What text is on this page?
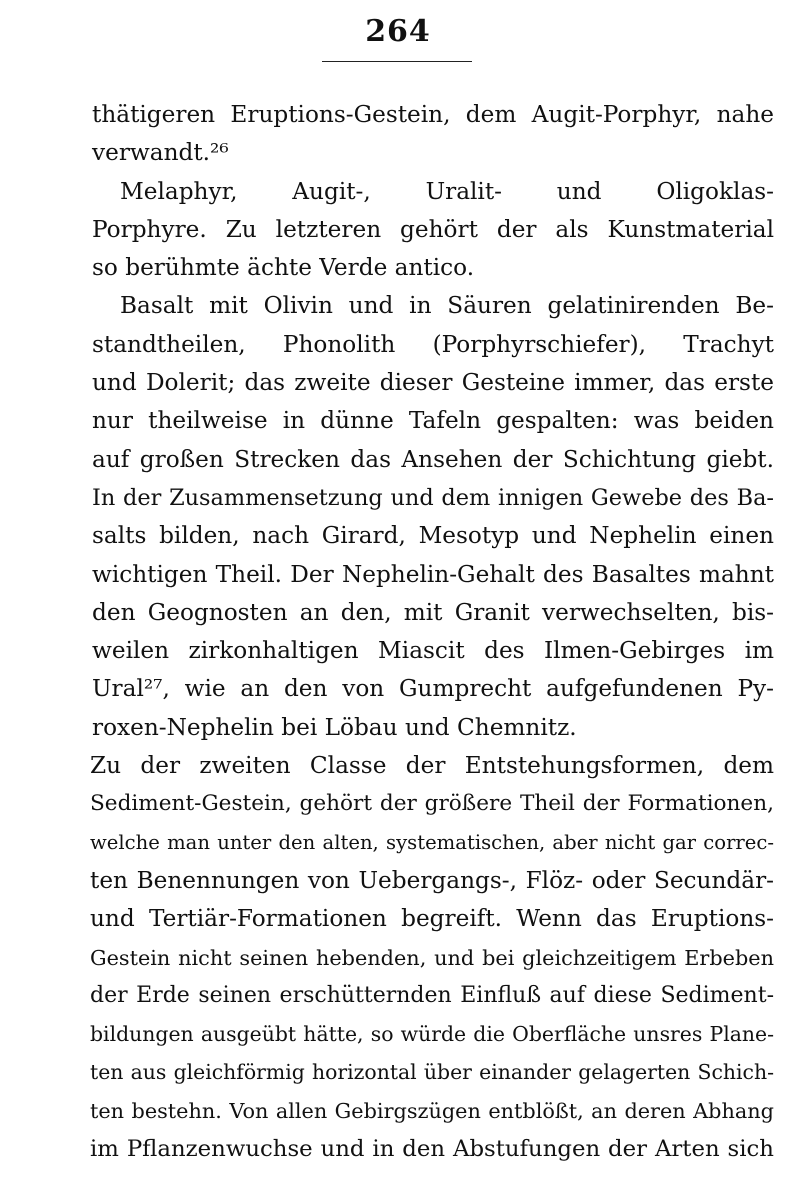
264
thätigeren Eruptions-Gestein, dem Augit-Porphyr, nahe
verwandt.²⁶
Melaphyr, Augit-, Uralit- und Oligoklas-
Porphyre. Zu letzteren gehört der als Kunstmaterial
so berühmte ächte Verde antico.
Basalt mit Olivin und in Säuren gelatinirenden Be-
standtheilen, Phonolith (Porphyrschiefer), Trachyt
und Dolerit; das zweite dieser Gesteine immer, das erste
nur theilweise in dünne Tafeln gespalten: was beiden
auf großen Strecken das Ansehen der Schichtung giebt.
In der Zusammensetzung und dem innigen Gewebe des Ba-
salts bilden, nach Girard, Mesotyp und Nephelin einen
wichtigen Theil. Der Nephelin-Gehalt des Basaltes mahnt
den Geognosten an den, mit Granit verwechselten, bis-
weilen zirkonhaltigen Miascit des Ilmen-Gebirges im
Ural²⁷, wie an den von Gumprecht aufgefundenen Py-
roxen-Nephelin bei Löbau und Chemnitz.
Zu der zweiten Classe der Entstehungsformen, dem
Sediment-Gestein, gehört der größere Theil der Formationen,
welche man unter den alten, systematischen, aber nicht gar correc-
ten Benennungen von Uebergangs-, Flöz- oder Secundär-
und Tertiär-Formationen begreift. Wenn das Eruptions-
Gestein nicht seinen hebenden, und bei gleichzeitigem Erbeben
der Erde seinen erschütternden Einfluß auf diese Sediment-
bildungen ausgeübt hätte, so würde die Oberfläche unsres Plane-
ten aus gleichförmig horizontal über einander gelagerten Schich-
ten bestehn. Von allen Gebirgszügen entblößt, an deren Abhang
im Pflanzenwuchse und in den Abstufungen der Arten sich
